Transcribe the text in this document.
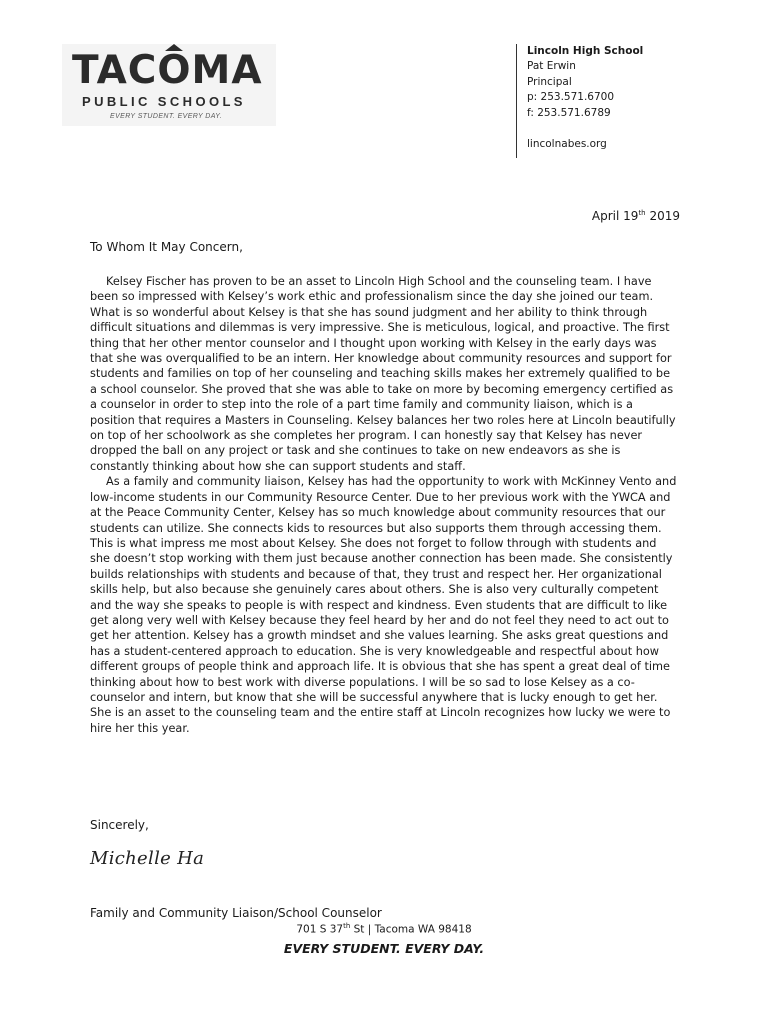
TACOMA
PUBLIC SCHOOLS
EVERY STUDENT. EVERY DAY.
Lincoln High School
Pat Erwin
Principal
p: 253.571.6700
f: 253.571.6789
lincolnabes.org
April 19th 2019
To Whom It May Concern,

Kelsey Fischer has proven to be an asset to Lincoln High School and the counseling team. I have been so impressed with Kelsey’s work ethic and professionalism since the day she joined our team. What is so wonderful about Kelsey is that she has sound judgment and her ability to think through difficult situations and dilemmas is very impressive. She is meticulous, logical, and proactive. The first thing that her other mentor counselor and I thought upon working with Kelsey in the early days was that she was overqualified to be an intern. Her knowledge about community resources and support for students and families on top of her counseling and teaching skills makes her extremely qualified to be a school counselor. She proved that she was able to take on more by becoming emergency certified as a counselor in order to step into the role of a part time family and community liaison, which is a position that requires a Masters in Counseling. Kelsey balances her two roles here at Lincoln beautifully on top of her schoolwork as she completes her program. I can honestly say that Kelsey has never dropped the ball on any project or task and she continues to take on new endeavors as she is constantly thinking about how she can support students and staff.

As a family and community liaison, Kelsey has had the opportunity to work with McKinney Vento and low-income students in our Community Resource Center. Due to her previous work with the YWCA and at the Peace Community Center, Kelsey has so much knowledge about community resources that our students can utilize. She connects kids to resources but also supports them through accessing them. This is what impress me most about Kelsey. She does not forget to follow through with students and she doesn’t stop working with them just because another connection has been made. She consistently builds relationships with students and because of that, they trust and respect her. Her organizational skills help, but also because she genuinely cares about others. She is also very culturally competent and the way she speaks to people is with respect and kindness. Even students that are difficult to like get along very well with Kelsey because they feel heard by her and do not feel they need to act out to get her attention. Kelsey has a growth mindset and she values learning. She asks great questions and has a student-centered approach to education. She is very knowledgeable and respectful about how different groups of people think and approach life. It is obvious that she has spent a great deal of time thinking about how to best work with diverse populations. I will be so sad to lose Kelsey as a co-counselor and intern, but know that she will be successful anywhere that is lucky enough to get her. She is an asset to the counseling team and the entire staff at Lincoln recognizes how lucky we were to hire her this year.

Sincerely,
Michelle Ha
Family and Community Liaison/School Counselor
701 S 37th St | Tacoma WA 98418
EVERY STUDENT. EVERY DAY.
